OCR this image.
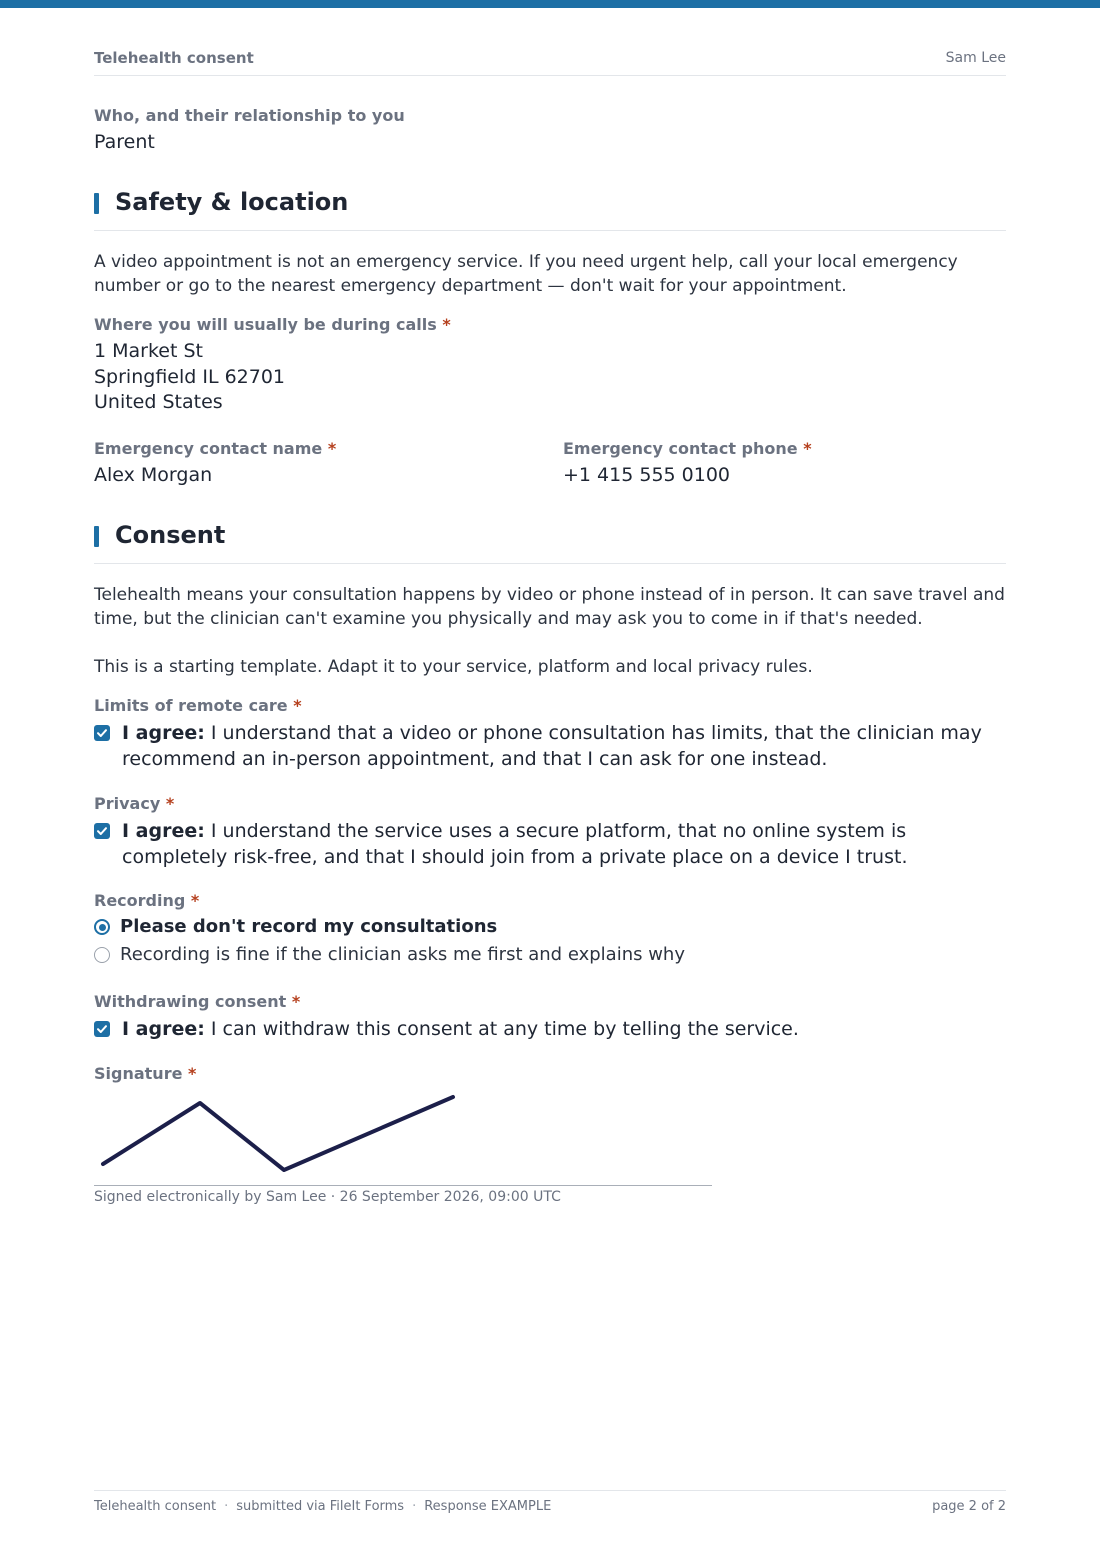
Telehealth consent	Sam Lee
Who, and their relationship to you
Parent
Safety & location
A video appointment is not an emergency service. If you need urgent help, call your local emergency number or go to the nearest emergency department — don't wait for your appointment.
Where you will usually be during calls *
1 Market St
Springfield IL 62701
United States
Emergency contact name *
Alex Morgan
Emergency contact phone *
+1 415 555 0100
Consent
Telehealth means your consultation happens by video or phone instead of in person. It can save travel and time, but the clinician can't examine you physically and may ask you to come in if that's needed.
This is a starting template. Adapt it to your service, platform and local privacy rules.
Limits of remote care *
I agree: I understand that a video or phone consultation has limits, that the clinician may recommend an in-person appointment, and that I can ask for one instead.
Privacy *
I agree: I understand the service uses a secure platform, that no online system is completely risk-free, and that I should join from a private place on a device I trust.
Recording *
Please don't record my consultations
Recording is fine if the clinician asks me first and explains why
Withdrawing consent *
I agree: I can withdraw this consent at any time by telling the service.
Signature *
Signed electronically by Sam Lee · 26 September 2026, 09:00 UTC
Telehealth consent · submitted via FileIt Forms · Response EXAMPLE	page 2 of 2
